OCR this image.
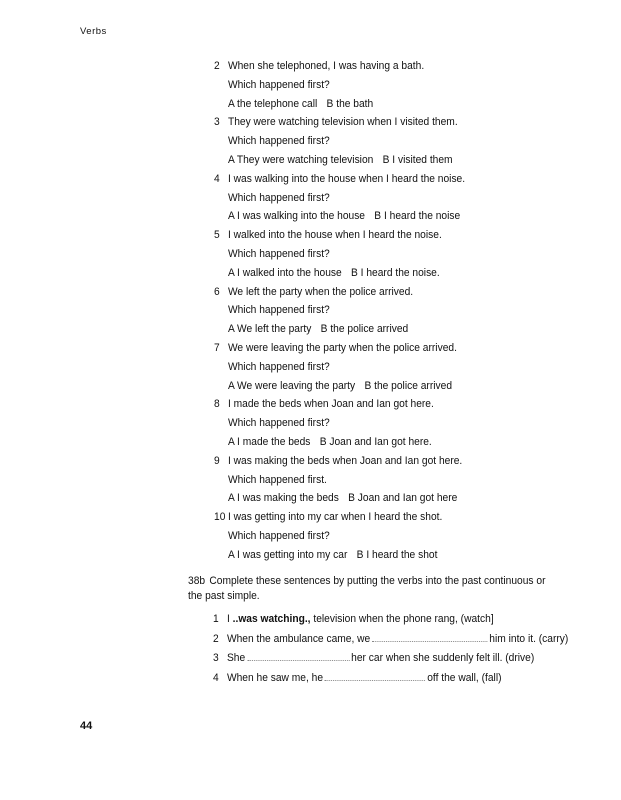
Verbs
2 When she telephoned, I was having a bath.
Which happened first?
A the telephone call B the bath
3 They were watching television when I visited them.
Which happened first?
A They were watching television B I visited them
4 I was walking into the house when I heard the noise.
Which happened first?
A I was walking into the house B I heard the noise
5 I walked into the house when I heard the noise.
Which happened first?
A I walked into the house B I heard the noise.
6 We left the party when the police arrived.
Which happened first?
A We left the party B the police arrived
7 We were leaving the party when the police arrived.
Which happened first?
A We were leaving the party B the police arrived
8 I made the beds when Joan and Ian got here.
Which happened first?
A I made the beds B Joan and Ian got here.
9 I was making the beds when Joan and Ian got here.
Which happened first.
A I was making the beds B Joan and Ian got here
10 I was getting into my car when I heard the shot.
Which happened first?
A I was getting into my car B I heard the shot
38b Complete these sentences by putting the verbs into the past continuous or
the past simple.
1 I ..was watching., television when the phone rang, (watch]
2 When the ambulance came, we	him into it. (carry)
3 She	her car when she suddenly felt ill. (drive)
4 When he saw me, he	off the wall, (fall)
44
